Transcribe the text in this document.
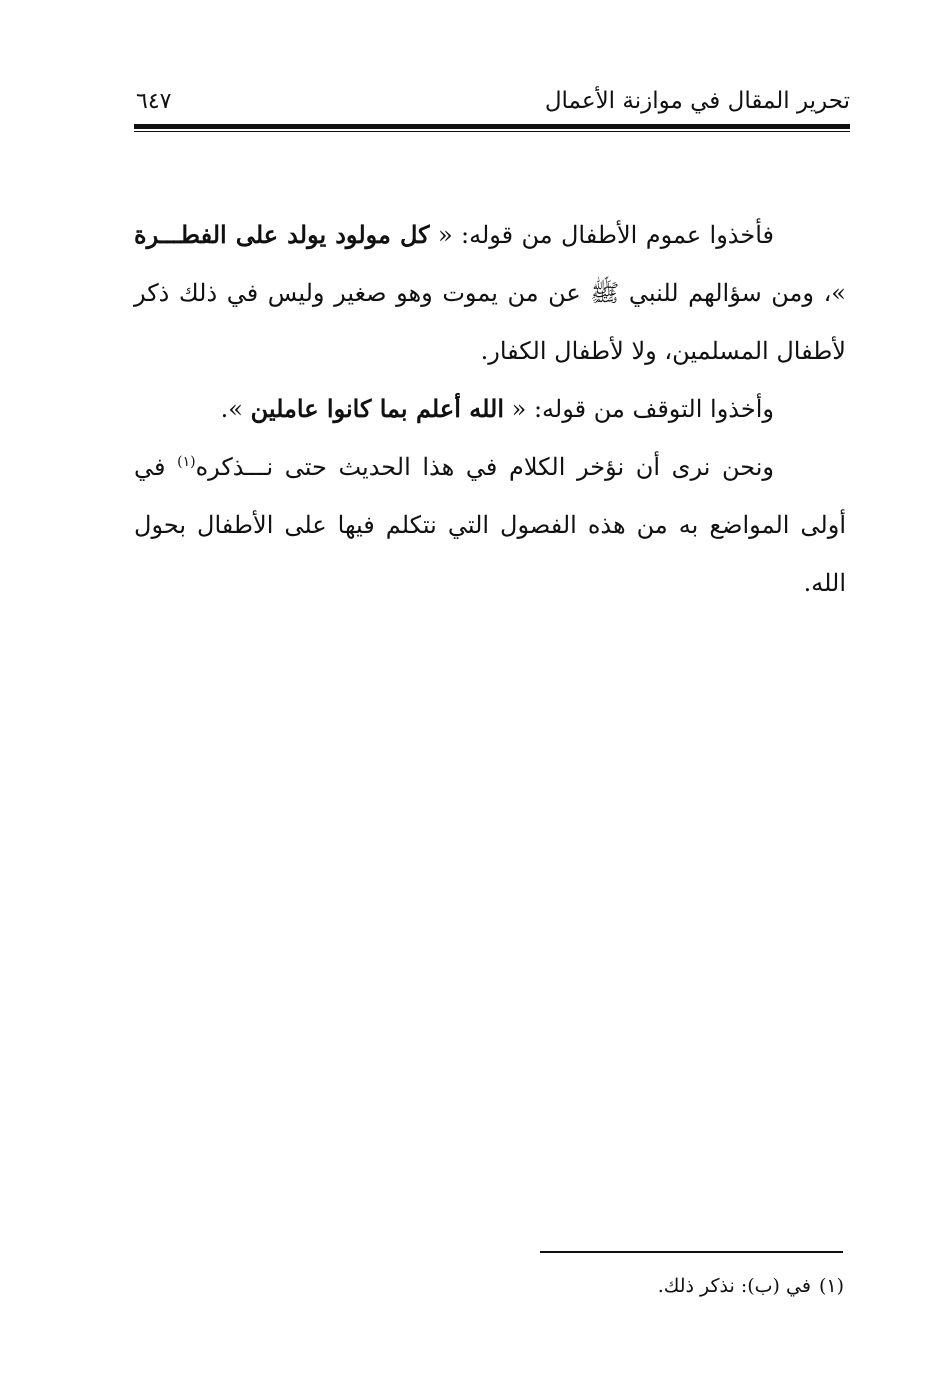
تحرير المقال في موازنة الأعمال
٦٤٧

فأخذوا عموم الأطفال من قوله: « كل مولود يولد على الفطـــرة »، ومن سؤالهم للنبي ﷺ عن من يموت وهو صغير وليس في ذلك ذكر لأطفال المسلمين، ولا لأطفال الكفار.

وأخذوا التوقف من قوله: « الله أعلم بما كانوا عاملين ».

ونحن نرى أن نؤخر الكلام في هذا الحديث حتى نـــذكره$^{(١)}$ في أولى المواضع به من هذه الفصول التي نتكلم فيها على الأطفال بحول الله.

(١)في (ب): نذكر ذلك.
